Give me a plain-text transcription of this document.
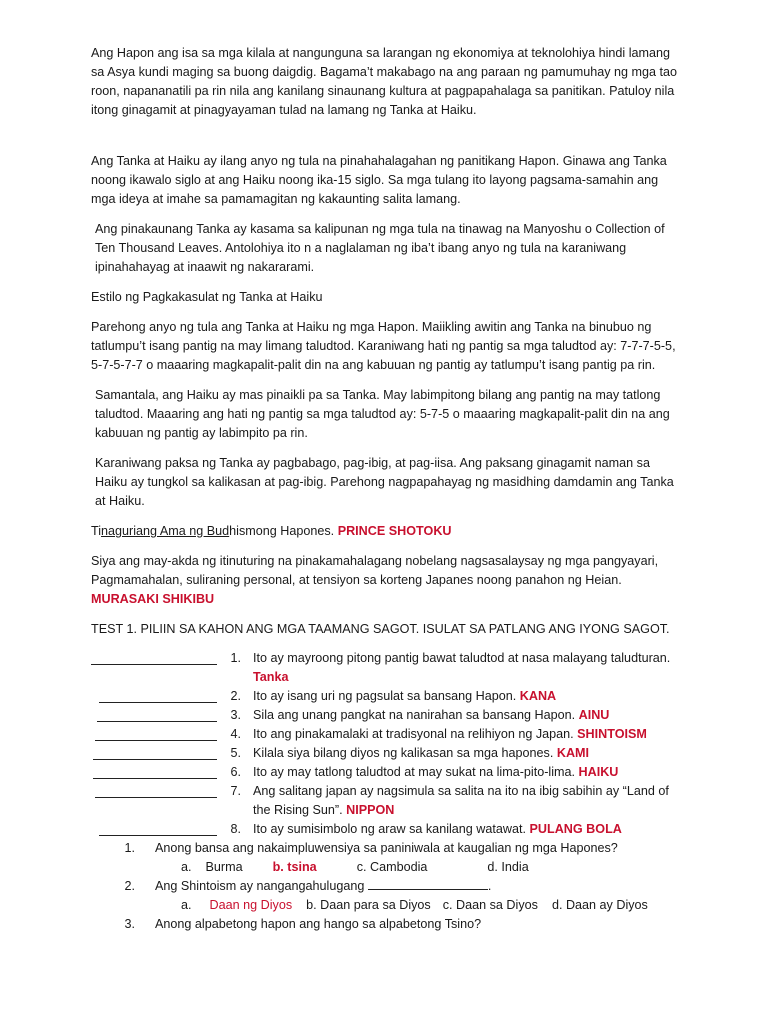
Ang Hapon ang isa sa mga kilala at nangunguna sa larangan ng ekonomiya at teknolohiya hindi lamang sa Asya kundi maging sa buong daigdig. Bagama’t makabago na ang paraan ng pamumuhay ng mga tao roon, napananatili pa rin nila ang kanilang sinaunang kultura at pagpapahalaga sa panitikan. Patuloy nila itong ginagamit at pinagyayaman tulad na lamang ng Tanka at Haiku.

Ang Tanka at Haiku ay ilang anyo ng tula na pinahahalagahan ng panitikang Hapon. Ginawa ang Tanka noong ikawalo siglo at ang Haiku noong ika-15 siglo. Sa mga tulang ito layong pagsama-samahin ang mga ideya at imahe sa pamamagitan ng kakaunting salita lamang.

Ang pinakaunang Tanka ay kasama sa kalipunan ng mga tula na tinawag na Manyoshu o Collection of Ten Thousand Leaves. Antolohiya ito n a naglalaman ng iba’t ibang anyo ng tula na karaniwang ipinahahayag at inaawit ng nakararami.

Estilo ng Pagkakasulat ng Tanka at Haiku

Parehong anyo ng tula ang Tanka at Haiku ng mga Hapon. Maiikling awitin ang Tanka na binubuo ng tatlumpu’t isang pantig na may limang taludtod. Karaniwang hati ng pantig sa mga taludtod ay: 7-7-7-5-5, 5-7-5-7-7 o maaaring magkapalit-palit din na ang kabuuan ng pantig ay tatlumpu’t isang pantig pa rin.

Samantala, ang Haiku ay mas pinaikli pa sa Tanka. May labimpitong bilang ang pantig na may tatlong taludtod. Maaaring ang hati ng pantig sa mga taludtod ay: 5-7-5 o maaaring magkapalit-palit din na ang kabuuan ng pantig ay labimpito pa rin.

Karaniwang paksa ng Tanka ay pagbabago, pag-ibig, at pag-iisa. Ang paksang ginagamit naman sa Haiku ay tungkol sa kalikasan at pag-ibig. Parehong nagpapahayag ng masidhing damdamin ang Tanka at Haiku.

Tinaguriang Ama ng Budhismong Hapones. PRINCE SHOTOKU

Siya ang may-akda ng itinuturing na pinakamahalagang nobelang nagsasalaysay ng mga pangyayari, Pagmamahalan, suliraning personal, at tensiyon sa korteng Japanes noong panahon ng Heian.
MURASAKI SHIKIBU

TEST 1. PILIIN SA KAHON ANG MGA TAAMANG SAGOT. ISULAT SA PATLANG ANG IYONG SAGOT.

1. Ito ay mayroong pitong pantig bawat taludtod at nasa malayang taludturan.
Tanka
2. Ito ay isang uri ng pagsulat sa bansang Hapon. KANA
3. Sila ang unang pangkat na nanirahan sa bansang Hapon. AINU
4. Ito ang pinakamalaki at tradisyonal na relihiyon ng Japan. SHINTOISM
5. Kilala siya bilang diyos ng kalikasan sa mga hapones. KAMI
6. Ito ay may tatlong taludtod at may sukat na lima-pito-lima. HAIKU
7. Ang salitang japan ay nagsimula sa salita na ito na ibig sabihin ay “Land of the Rising Sun”. NIPPON
8. Ito ay sumisimbolo ng araw sa kanilang watawat. PULANG BOLA
1.	Anong bansa ang nakaimpluwensiya sa paniniwala at kaugalian ng mga Hapones?
a.    Burma b. tsina	c. Cambodia	d. India
2.	Ang Shintoism ay nangangahulugang	.
a. Daan ng Diyos b. Daan para sa Diyos c. Daan sa Diyos d. Daan ay Diyos
3.	Anong alpabetong hapon ang hango sa alpabetong Tsino?
